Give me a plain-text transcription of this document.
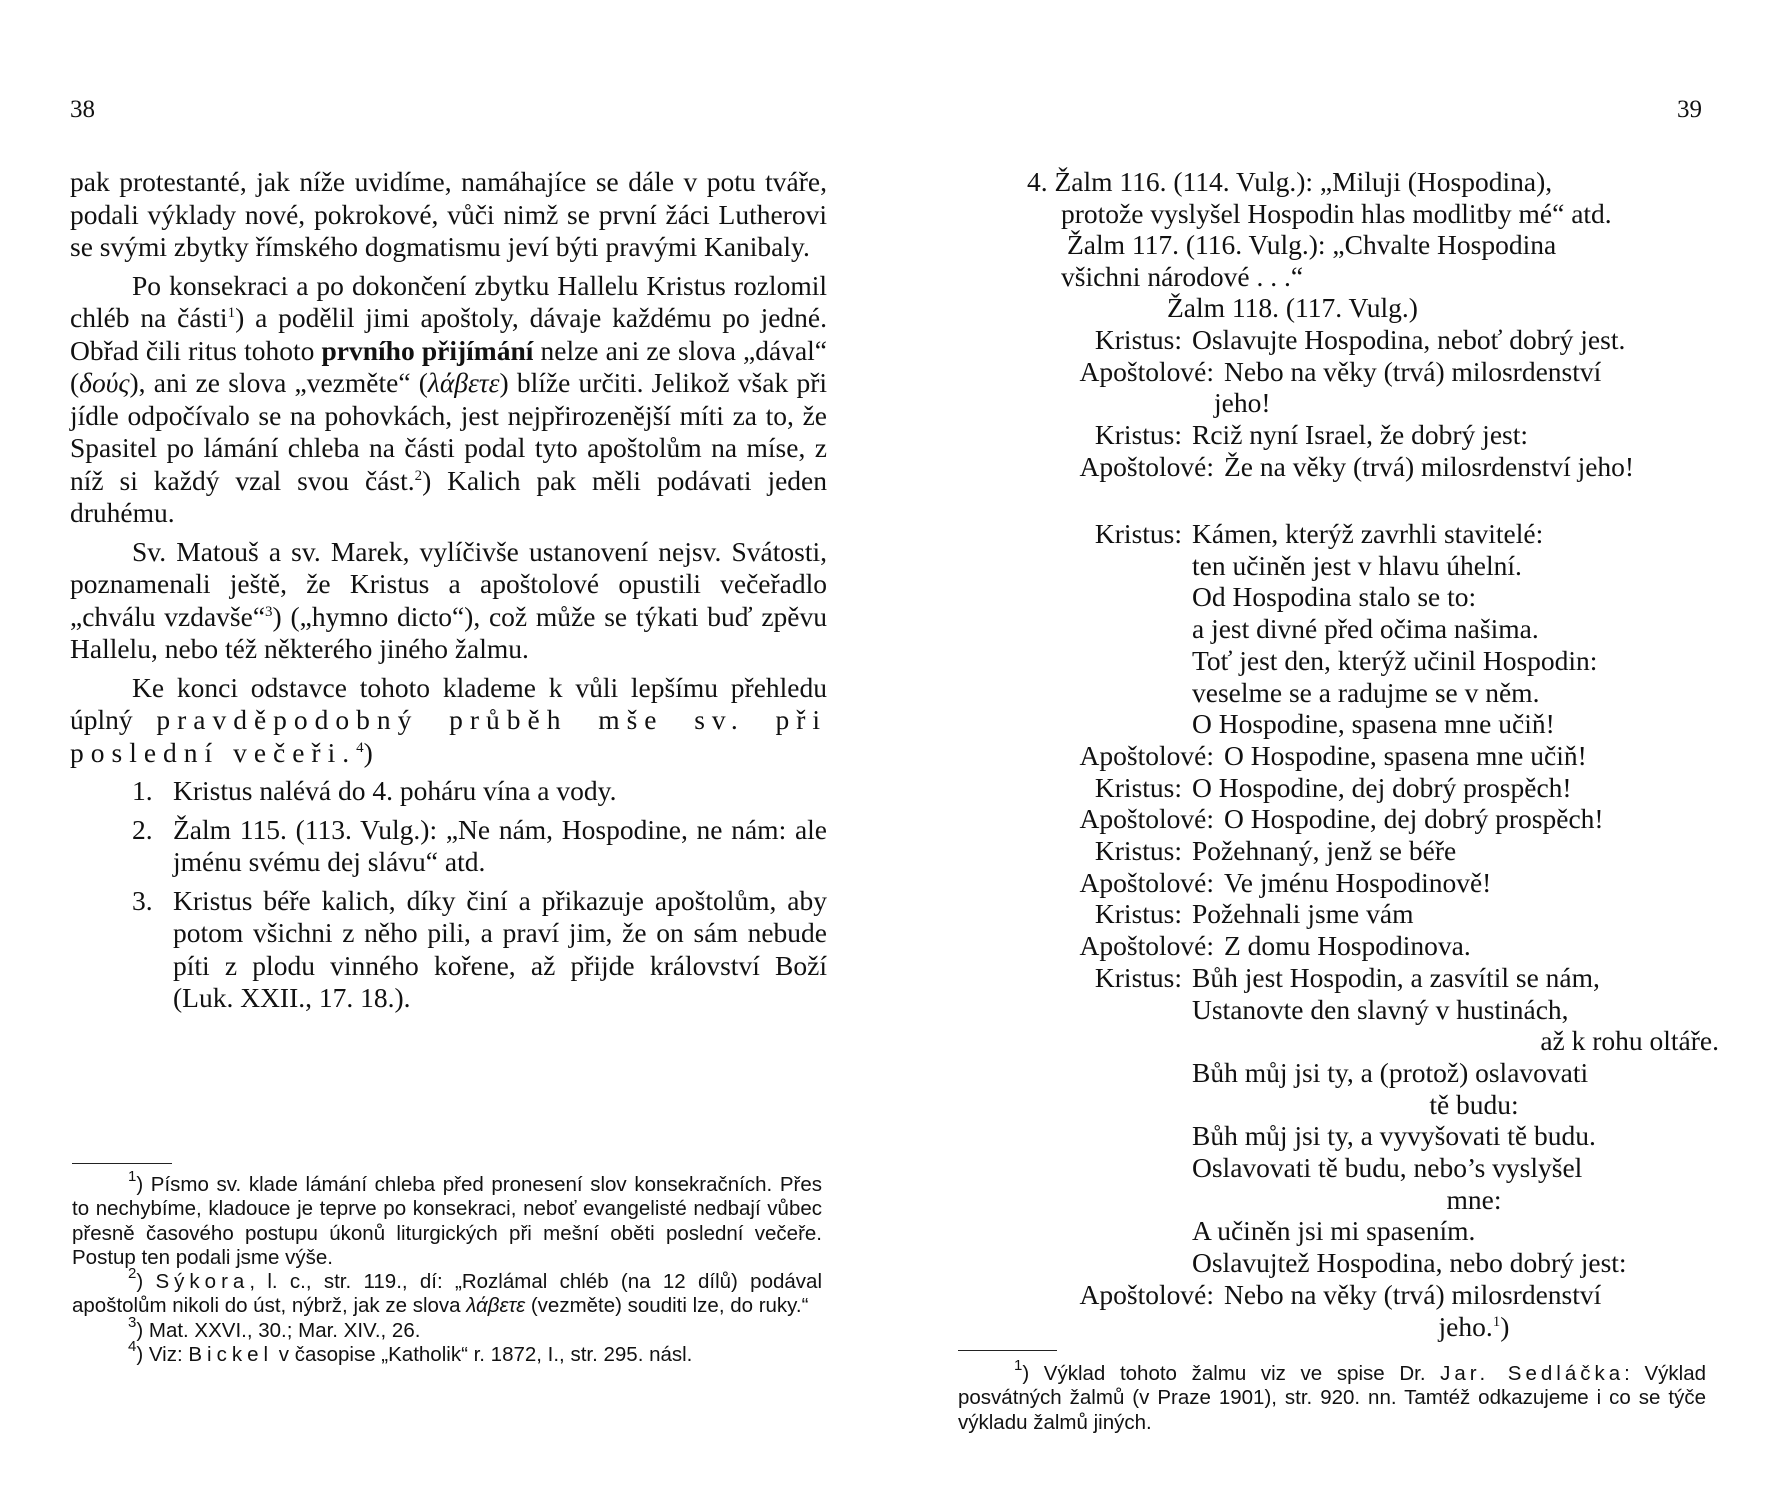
38

pak protestanté, jak níže uvidíme, namáhajíce se dále v potu tváře, podali výklady nové, pokrokové, vůči nimž se první žáci Lutherovi se svými zbytky římského dogmatismu jeví býti pravými Kanibaly.

Po konsekraci a po dokončení zbytku Hallelu Kristus rozlomil chléb na části$^1$) a podělil jimi apoštoly, dávaje každému po jedné. Obřad čili ritus tohoto prvního přijímání nelze ani ze slova „dával“ (δούς), ani ze slova „vezměte“ (λάβετε) blíže určiti. Jelikož však při jídle odpočívalo se na pohovkách, jest nejpřirozenější míti za to, že Spasitel po lámání chleba na části podal tyto apoštolům na míse, z níž si každý vzal svou část.$^2$) Kalich pak měli podávati jeden druhému.

Sv. Matouš a sv. Marek, vylíčivše ustanovení nejsv. Svátosti, poznamenali ještě, že Kristus a apoštolové opustili večeřadlo „chválu vzdavše“$^3$) („hymno dicto“), což může se týkati buď zpěvu Hallelu, nebo též některého jiného žalmu.

Ke konci odstavce tohoto klademe k vůli lepšímu přehledu úplný pravděpodobný průběh mše sv. při poslední večeři.$^4$)

1. Kristus nalévá do 4. poháru vína a vody.
2. Žalm 115. (113. Vulg.): „Ne nám, Hospodine, ne nám: ale jménu svému dej slávu“ atd.
3. Kristus béře kalich, díky činí a přikazuje apoštolům, aby potom všichni z něho pili, a praví jim, že on sám nebude píti z plodu vinného kořene, až přijde království Boží (Luk. XXII., 17. 18.).

$^1$) Písmo sv. klade lámání chleba před pronesení slov konsekračních. Přes to nechybíme, kladouce je teprve po konsekraci, neboť evangelisté nedbají vůbec přesně časového postupu úkonů liturgických při mešní oběti poslední večeře. Postup ten podali jsme výše.

$^2$) Sýkora, l. c., str. 119., dí: „Rozlámal chléb (na 12 dílů) podával apoštolům nikoli do úst, nýbrž, jak ze slova λάβετε (vezměte) souditi lze, do ruky.“

$^3$) Mat. XXVI., 30.; Mar. XIV., 26.

$^4$) Viz: Bickel v časopise „Katholik“ r. 1872, I., str. 295. násl.

39
4. Žalm 116. (114. Vulg.): „Miluji (Hospodina),
protože vyslyšel Hospodin hlas modlitby mé“ atd.
Žalm 117. (116. Vulg.): „Chvalte Hospodina
všichni národové . . .“
Žalm 118. (117. Vulg.)
Kristus: Oslavujte Hospodina, neboť dobrý jest.
Apoštolové: Nebo na věky (trvá) milosrdenství
jeho!
Kristus: Rciž nyní Israel, že dobrý jest:
Apoštolové: Že na věky (trvá) milosrdenství jeho!
Kristus: Kámen, kterýž zavrhli stavitelé:
ten učiněn jest v hlavu úhelní.
Od Hospodina stalo se to:
a jest divné před očima našima.
Toť jest den, kterýž učinil Hospodin:
veselme se a radujme se v něm.
O Hospodine, spasena mne učiň!
Apoštolové: O Hospodine, spasena mne učiň!
Kristus: O Hospodine, dej dobrý prospěch!
Apoštolové: O Hospodine, dej dobrý prospěch!
Kristus: Požehnaný, jenž se béře
Apoštolové: Ve jménu Hospodinově!
Kristus: Požehnali jsme vám
Apoštolové: Z domu Hospodinova.
Kristus: Bůh jest Hospodin, a zasvítil se nám,
Ustanovte den slavný v hustinách,
až k rohu oltáře.
Bůh můj jsi ty, a (protož) oslavovati
tě budu:
Bůh můj jsi ty, a vyvyšovati tě budu.
Oslavovati tě budu, nebo’s vyslyšel
mne:
A učiněn jsi mi spasením.
Oslavujtež Hospodina, nebo dobrý jest:
Apoštolové: Nebo na věky (trvá) milosrdenství
jeho.$^1$)

$^1$) Výklad tohoto žalmu viz ve spise Dr. Jar. Sedláčka: Výklad posvátných žalmů (v Praze 1901), str. 920. nn. Tamtéž odkazujeme i co se týče výkladu žalmů jiných.
